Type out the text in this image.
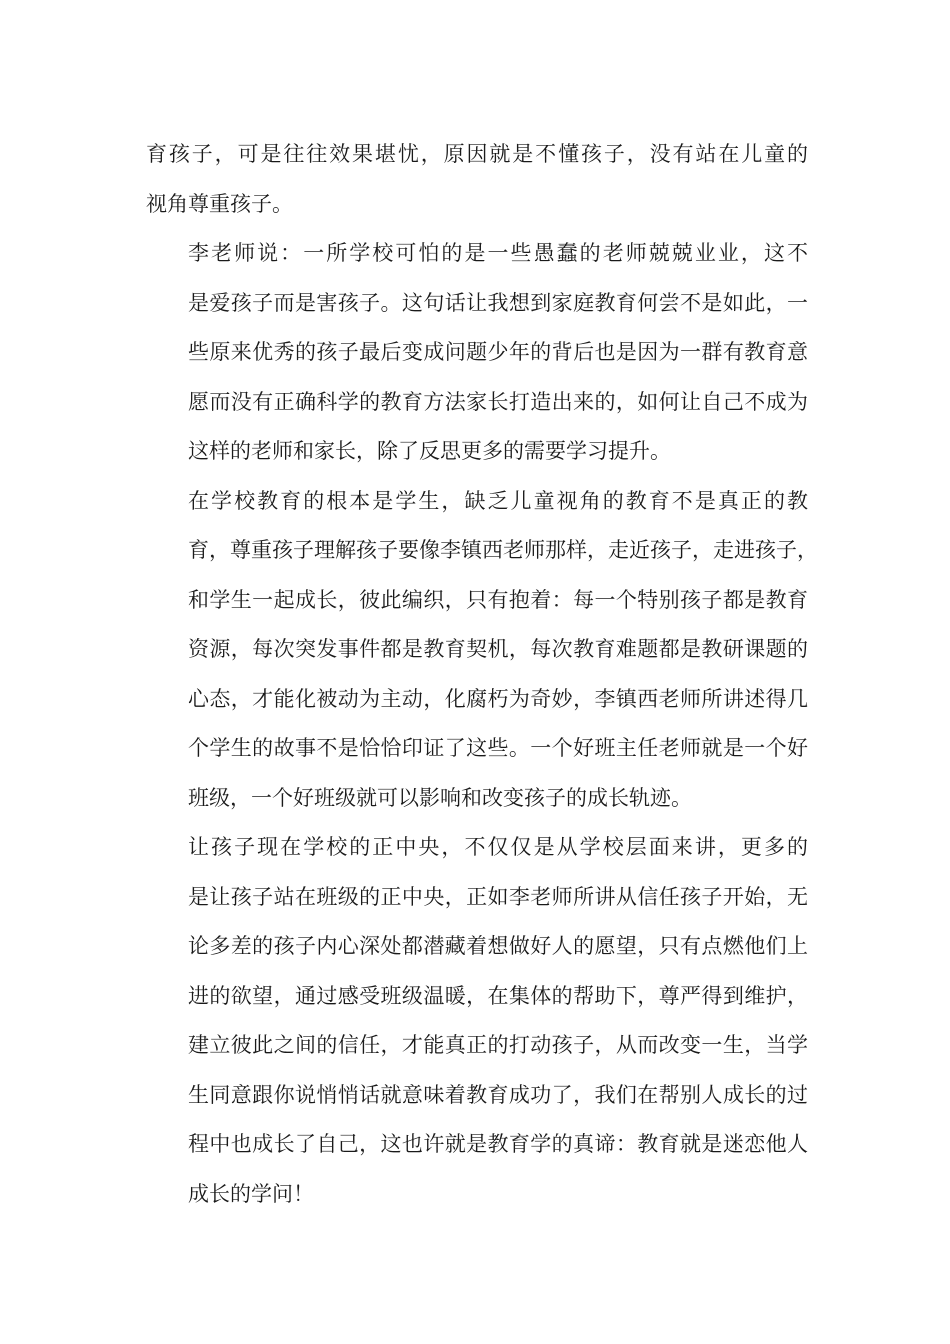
育孩子，可是往往效果堪忧，原因就是不懂孩子，没有站在儿童的
视角尊重孩子。

李老师说：一所学校可怕的是一些愚蠢的老师兢兢业业，这不
是爱孩子而是害孩子。这句话让我想到家庭教育何尝不是如此，一
些原来优秀的孩子最后变成问题少年的背后也是因为一群有教育意
愿而没有正确科学的教育方法家长打造出来的，如何让自己不成为
这样的老师和家长，除了反思更多的需要学习提升。

在学校教育的根本是学生，缺乏儿童视角的教育不是真正的教
育，尊重孩子理解孩子要像李镇西老师那样，走近孩子，走进孩子，
和学生一起成长，彼此编织，只有抱着：每一个特别孩子都是教育
资源，每次突发事件都是教育契机，每次教育难题都是教研课题的
心态，才能化被动为主动，化腐朽为奇妙，李镇西老师所讲述得几
个学生的故事不是恰恰印证了这些。一个好班主任老师就是一个好
班级，一个好班级就可以影响和改变孩子的成长轨迹。

让孩子现在学校的正中央，不仅仅是从学校层面来讲，更多的
是让孩子站在班级的正中央，正如李老师所讲从信任孩子开始，无
论多差的孩子内心深处都潜藏着想做好人的愿望，只有点燃他们上
进的欲望，通过感受班级温暖，在集体的帮助下，尊严得到维护，
建立彼此之间的信任，才能真正的打动孩子，从而改变一生，当学
生同意跟你说悄悄话就意味着教育成功了，我们在帮别人成长的过
程中也成长了自己，这也许就是教育学的真谛：教育就是迷恋他人
成长的学问！
